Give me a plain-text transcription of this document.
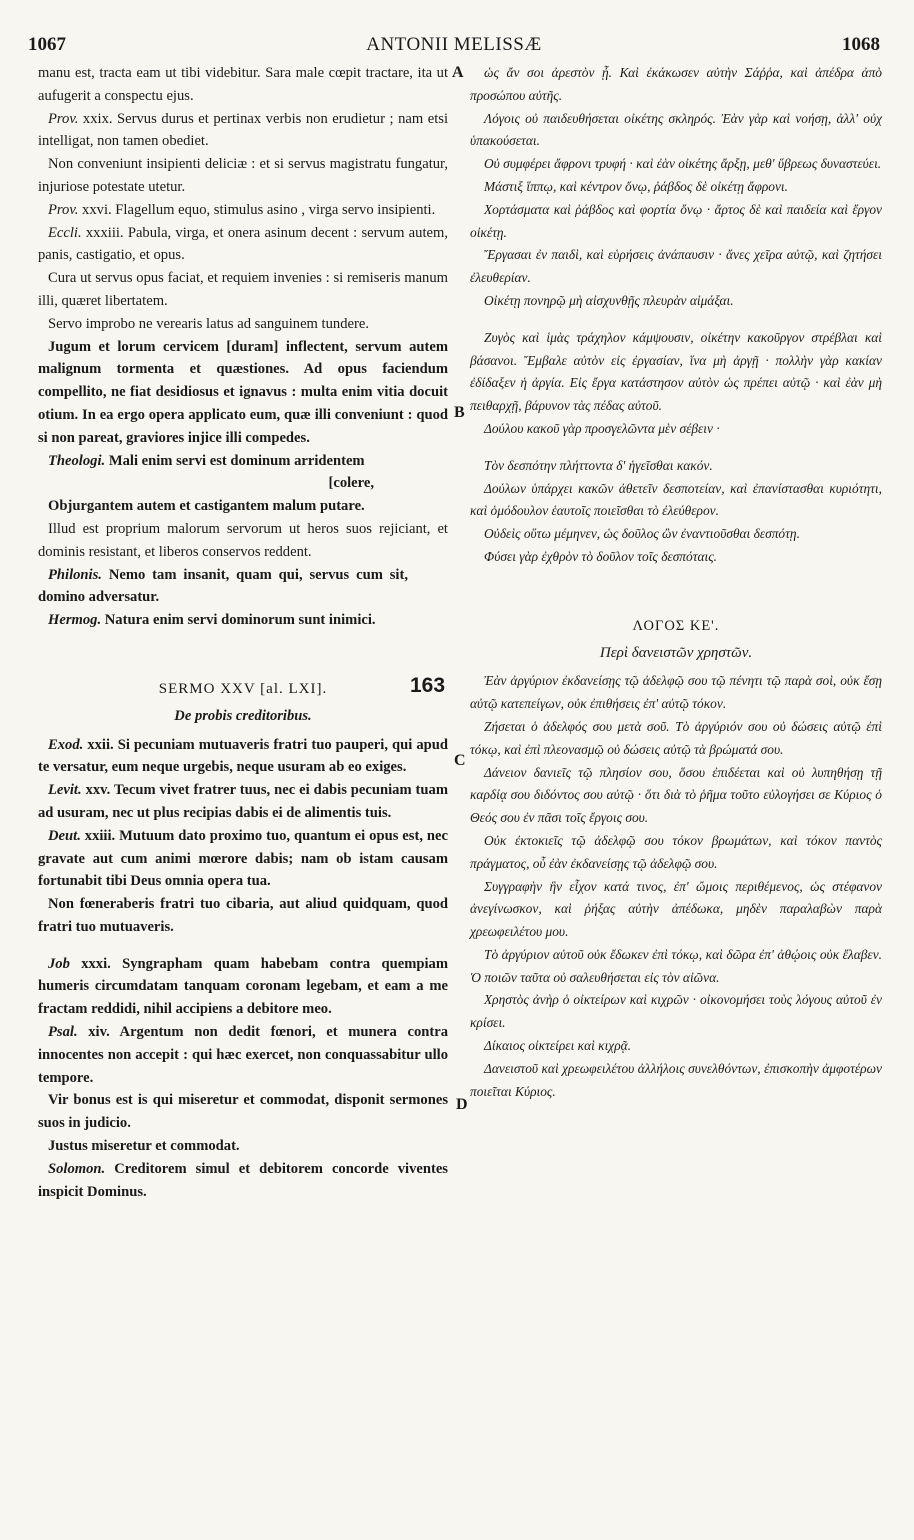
1067	ANTONII MELISSÆ	1068
A
B
C
D
163

manu est, tracta eam ut tibi videbitur. Sara male cœpit tractare, ita ut aufugerit a conspectu ejus.

Prov. xxix. Servus durus et pertinax verbis non erudietur ; nam etsi intelligat, non tamen obediet.

Non conveniunt insipienti deliciæ : et si servus magistratu fungatur, injuriose potestate utetur.

Prov. xxvi. Flagellum equo, stimulus asino , virga servo insipienti.

Eccli. xxxiii. Pabula, virga, et onera asinum decent : servum autem, panis, castigatio, et opus.

Cura ut servus opus faciat, et requiem invenies : si remiseris manum illi, quæret libertatem.

Servo improbo ne verearis latus ad sanguinem tundere.

Jugum et lorum cervicem [duram] inflectent, servum autem malignum tormenta et quæstiones. Ad opus faciendum compellito, ne fiat desidiosus et ignavus : multa enim vitia docuit otium. In ea ergo opera applicato eum, quæ illi conveniunt : quod si non pareat, graviores injice illi compedes.

Theologi. Mali enim servi est dominum arridentem

[colere,

Objurgantem autem et castigantem malum putare.

Illud est proprium malorum servorum ut heros suos rejiciant, et dominis resistant, et liberos conservos reddent.

Philonis. Nemo tam insanit, quam qui, servus cum sit, domino adversatur.

Hermog. Natura enim servi dominorum sunt inimici.

SERMO XXV [al. LXI].
De probis creditoribus.

Exod. xxii. Si pecuniam mutuaveris fratri tuo pauperi, qui apud te versatur, eum neque urgebis, neque usuram ab eo exiges.

Levit. xxv. Tecum vivet fratrer tuus, nec ei dabis pecuniam tuam ad usuram, nec ut plus recipias dabis ei de alimentis tuis.

Deut. xxiii. Mutuum dato proximo tuo, quantum ei opus est, nec gravate aut cum animi mœrore dabis; nam ob istam causam fortunabit tibi Deus omnia opera tua.

Non fœneraberis fratri tuo cibaria, aut aliud quidquam, quod fratri tuo mutuaveris.

Job xxxi. Syngrapham quam habebam contra quempiam humeris circumdatam tanquam coronam legebam, et eam a me fractam reddidi, nihil accipiens a debitore meo.

Psal. xiv. Argentum non dedit fœnori, et munera contra innocentes non accepit : qui hæc exercet, non conquassabitur ullo tempore.

Vir bonus est is qui miseretur et commodat, disponit sermones suos in judicio.

Justus miseretur et commodat.

Solomon. Creditorem simul et debitorem concorde viventes inspicit Dominus.

ὡς ἄν σοι ἀρεστὸν ᾖ. Καὶ ἐκάκωσεν αὐτὴν Σάῤῥα, καὶ ἀπέδρα ἀπὸ προσώπου αὐτῆς.

Λόγοις οὐ παιδευθήσεται οἰκέτης σκληρός. Ἐὰν γὰρ καὶ νοήσῃ, ἀλλ' οὐχ ὑπακούσεται.

Οὐ συμφέρει ἄφρονι τρυφή · καὶ ἐὰν οἰκέτης ἄρξῃ, μεθ' ὕβρεως δυναστεύει.

Μάστιξ ἵππῳ, καὶ κέντρον ὄνῳ, ῥάβδος δὲ οἰκέτῃ ἄφρονι.

Χορτάσματα καὶ ῥάβδος καὶ φορτία ὄνῳ · ἄρτος δὲ καὶ παιδεία καὶ ἔργον οἰκέτῃ.

Ἔργασαι ἐν παιδὶ, καὶ εὑρήσεις ἀνάπαυσιν · ἄνες χεῖρα αὐτῷ, καὶ ζητήσει ἐλευθερίαν.

Οἰκέτῃ πονηρῷ μὴ αἰσχυνθῇς πλευρὰν αἱμάξαι.

Ζυγὸς καὶ ἱμὰς τράχηλον κάμψουσιν, οἰκέτην κακοῦργον στρέβλαι καὶ βάσανοι. Ἔμβαλε αὐτὸν εἰς ἐργασίαν, ἵνα μὴ ἀργῇ · πολλὴν γὰρ κακίαν ἐδίδαξεν ἡ ἀργία. Εἰς ἔργα κατάστησον αὐτὸν ὡς πρέπει αὐτῷ · καὶ ἐὰν μὴ πειθαρχῇ, βάρυνον τὰς πέδας αὐτοῦ.

Δούλου κακοῦ γὰρ προσγελῶντα μὲν σέβειν ·

Τὸν δεσπότην πλήττοντα δ' ἡγεῖσθαι κακόν.

Δούλων ὑπάρχει κακῶν ἀθετεῖν δεσποτείαν, καὶ ἐπανίστασθαι κυριότητι, καὶ ὁμόδουλον ἑαυτοῖς ποιεῖσθαι τὸ ἐλεύθερον.

Οὐδεὶς οὕτω μέμηνεν, ὡς δοῦλος ὢν ἐναντιοῦσθαι δεσπότῃ.

Φύσει γὰρ ἐχθρὸν τὸ δοῦλον τοῖς δεσπόταις.

ΛΟΓΟΣ ΚΕ'.
Περὶ δανειστῶν χρηστῶν.

Ἐὰν ἀργύριον ἐκδανείσῃς τῷ ἀδελφῷ σου τῷ πένητι τῷ παρὰ σοὶ, οὐκ ἔσῃ αὐτῷ κατεπείγων, οὐκ ἐπιθήσεις ἐπ' αὐτῷ τόκον.

Ζήσεται ὁ ἀδελφός σου μετὰ σοῦ. Τὸ ἀργύριόν σου οὐ δώσεις αὐτῷ ἐπὶ τόκῳ, καὶ ἐπὶ πλεονασμῷ οὐ δώσεις αὐτῷ τὰ βρώματά σου.

Δάνειον δανιεῖς τῷ πλησίον σου, ὅσου ἐπιδέεται καὶ οὐ λυπηθήσῃ τῇ καρδίᾳ σου διδόντος σου αὐτῷ · ὅτι διὰ τὸ ῥῆμα τοῦτο εὐλογήσει σε Κύριος ὁ Θεός σου ἐν πᾶσι τοῖς ἔργοις σου.

Οὐκ ἐκτοκιεῖς τῷ ἀδελφῷ σου τόκον βρωμάτων, καὶ τόκον παντὸς πράγματος, οὗ ἐὰν ἐκδανείσῃς τῷ ἀδελφῷ σου.

Συγγραφὴν ἣν εἶχον κατά τινος, ἐπ' ὤμοις περιθέμενος, ὡς στέφανον ἀνεγίνωσκον, καὶ ῥήξας αὐτὴν ἀπέδωκα, μηδὲν παραλαβὼν παρὰ χρεωφειλέτου μου.

Τὸ ἀργύριον αὐτοῦ οὐκ ἔδωκεν ἐπὶ τόκῳ, καὶ δῶρα ἐπ' ἀθῴοις οὐκ ἔλαβεν. Ὁ ποιῶν ταῦτα οὐ σαλευθήσεται εἰς τὸν αἰῶνα.

Χρηστὸς ἀνὴρ ὁ οἰκτείρων καὶ κιχρῶν · οἰκονομήσει τοὺς λόγους αὐτοῦ ἐν κρίσει.

Δίκαιος οἰκτείρει καὶ κιχρᾷ.

Δανειστοῦ καὶ χρεωφειλέτου ἀλλήλοις συνελθόντων, ἐπισκοπὴν ἀμφοτέρων ποιεῖται Κύριος.
